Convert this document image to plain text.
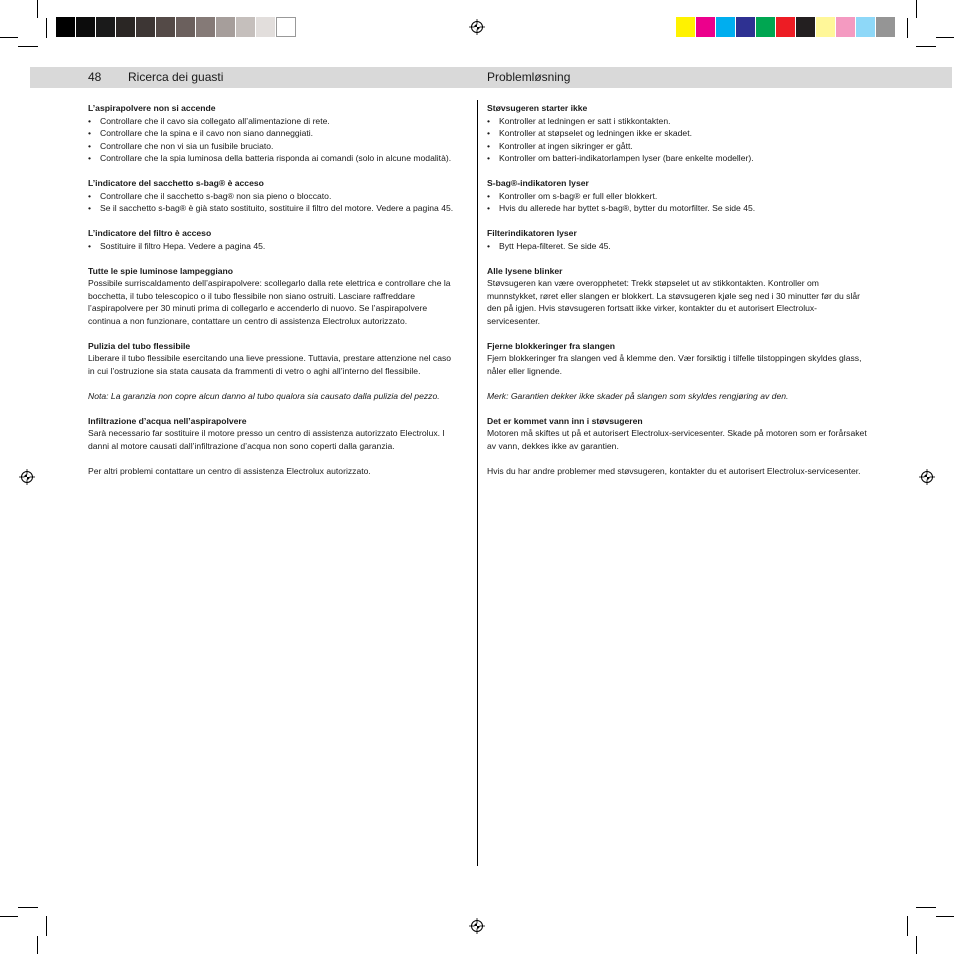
48 Ricerca dei guasti	Problemløsning
L’aspirapolvere non si accende
• Controllare che il cavo sia collegato all’alimentazione di rete.
• Controllare che la spina e il cavo non siano danneggiati.
• Controllare che non vi sia un fusibile bruciato.
• Controllare che la spia luminosa della batteria risponda ai comandi (solo in alcune modalità).
L’indicatore del sacchetto s-bag® è acceso
• Controllare che il sacchetto s-bag® non sia pieno o bloccato.
• Se il sacchetto s-bag® è già stato sostituito, sostituire il filtro del motore. Vedere a pagina 45.
L’indicatore del filtro è acceso
• Sostituire il filtro Hepa. Vedere a pagina 45.
Tutte le spie luminose lampeggiano

Possibile surriscaldamento dell’aspirapolvere: scollegarlo dalla rete elettrica e controllare che la bocchetta, il tubo telescopico o il tubo flessibile non siano ostruiti. Lasciare raffreddare l’aspirapolvere per 30 minuti prima di collegarlo e accenderlo di nuovo. Se l’aspirapolvere continua a non funzionare, contattare un centro di assistenza Electrolux autorizzato.

Pulizia del tubo flessibile

Liberare il tubo flessibile esercitando una lieve pressione. Tuttavia, prestare attenzione nel caso in cui l’ostruzione sia stata causata da frammenti di vetro o aghi all’interno del flessibile.

Nota: La garanzia non copre alcun danno al tubo qualora sia causato dalla pulizia del pezzo.

Infiltrazione d’acqua nell’aspirapolvere

Sarà necessario far sostituire il motore presso un centro di assistenza autorizzato Electrolux. I danni al motore causati dall’infiltrazione d’acqua non sono coperti dalla garanzia.

Per altri problemi contattare un centro di assistenza Electrolux autorizzato.

Støvsugeren starter ikke
• Kontroller at ledningen er satt i stikkontakten.
• Kontroller at støpselet og ledningen ikke er skadet.
• Kontroller at ingen sikringer er gått.
• Kontroller om batteri-indikatorlampen lyser (bare enkelte modeller).
S-bag®-indikatoren lyser
• Kontroller om s-bag® er full eller blokkert.
• Hvis du allerede har byttet s-bag®, bytter du motorfilter. Se side 45.
Filterindikatoren lyser
• Bytt Hepa-filteret. Se side 45.
Alle lysene blinker

Støvsugeren kan være overopphetet: Trekk støpselet ut av stikkontakten. Kontroller om munnstykket, røret eller slangen er blokkert. La støvsugeren kjøle seg ned i 30 minutter før du slår den på igjen. Hvis støvsugeren fortsatt ikke virker, kontakter du et autorisert Electrolux-servicesenter.

Fjerne blokkeringer fra slangen

Fjern blokkeringer fra slangen ved å klemme den. Vær forsiktig i tilfelle tilstoppingen skyldes glass, nåler eller lignende.

Merk: Garantien dekker ikke skader på slangen som skyldes rengjøring av den.

Det er kommet vann inn i støvsugeren

Motoren må skiftes ut på et autorisert Electrolux-servicesenter. Skade på motoren som er forårsaket av vann, dekkes ikke av garantien.

Hvis du har andre problemer med støvsugeren, kontakter du et autorisert Electrolux-servicesenter.
